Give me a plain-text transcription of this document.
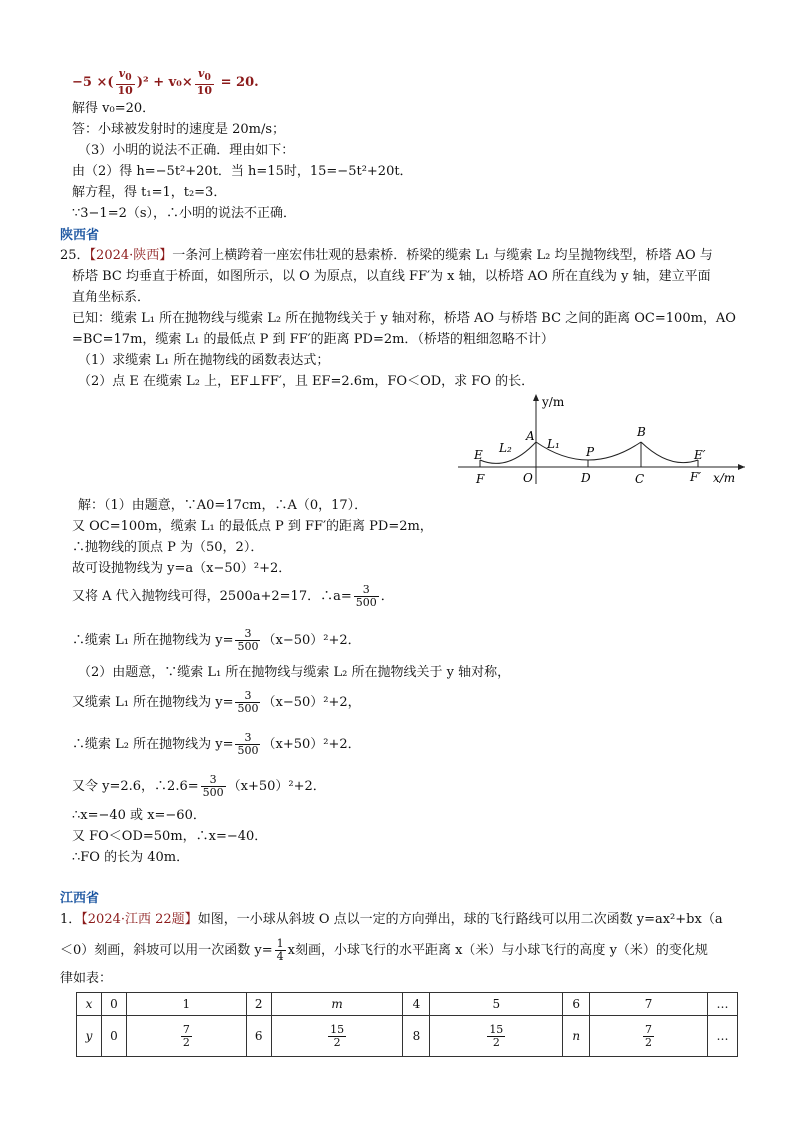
−5 ×( $\frac{v_0}{10} )^2 + v_0\times \frac{v_0}{10} = 20$.
解得 v₀=20．
答：小球被发射时的速度是 20m/s；
（3）小明的说法不正确．理由如下：
由（2）得 h=−5t²+20t．当 h=15时，15=−5t²+20t．
解方程，得 t₁=1，t₂=3．
∵3−1=2（s），∴小明的说法不正确．
陕西省
25．【2024·陕西】一条河上横跨着一座宏伟壮观的悬索桥．桥梁的缆索 L₁ 与缆索 L₂ 均呈抛物线型，桥塔 AO 与
桥塔 BC 均垂直于桥面，如图所示，以 O 为原点，以直线 FF′为 x 轴，以桥塔 AO 所在直线为 y 轴，建立平面
直角坐标系．
已知：缆索 L₁ 所在抛物线与缆索 L₂ 所在抛物线关于 y 轴对称，桥塔 AO 与桥塔 BC 之间的距离 OC=100m，AO
=BC=17m，缆索 L₁ 的最低点 P 到 FF′的距离 PD=2m．（桥塔的粗细忽略不计）
（1）求缆索 L₁ 所在抛物线的函数表达式；
（2）点 E 在缆索 L₂ 上，EF⊥FF′，且 EF=2.6m，FO＜OD，求 FO 的长．
y/m
x/m
A	B
P
E	E′
F	O	D	C	F′
L₁
L₂
解：（1）由题意，∵A0=17cm，∴A（0，17）．
又 OC=100m，缆索 L₁ 的最低点 P 到 FF′的距离 PD=2m，
∴抛物线的顶点 P 为（50，2）．
故可设抛物线为 y=a（x−50）²+2．
又将 A 代入抛物线可得，2500a+2=17．∴a= $\frac{3}{500}$ ．
∴缆索 L₁ 所在抛物线为 $y= \frac{3}{500} (x-50)^2+2$．
（2）由题意，∵缆索 L₁ 所在抛物线与缆索 L₂ 所在抛物线关于 y 轴对称，
又缆索 L₁ 所在抛物线为 $y= \frac{3}{500} (x-50)^2+2$，
∴缆索 L₂ 所在抛物线为 $y= \frac{3}{500} (x+50)^2+2$．
又令 y=2.6，∴2.6= $\frac{3}{500} (x+50)^2+2$．
∴x=−40 或 x=−60．
又 FO＜OD=50m，∴x=−40．
∴FO 的长为 40m．
江西省
1．【2024·江西 22题】如图，一小球从斜坡 O 点以一定的方向弹出，球的飞行路线可以用二次函数 y=ax²+bx（a
＜0）刻画，斜坡可以用一次函数 $y= \frac{1}{4}$ x刻画，小球飞行的水平距离 x（米）与小球飞行的高度 y（米）的变化规
律如表：
x	0	1	2	m	4	5	6	7	…
y	0	$\frac{7}{2}$	6	$\frac{15}{2}$	8	$\frac{15}{2}$	n	$\frac{7}{2}$	…
